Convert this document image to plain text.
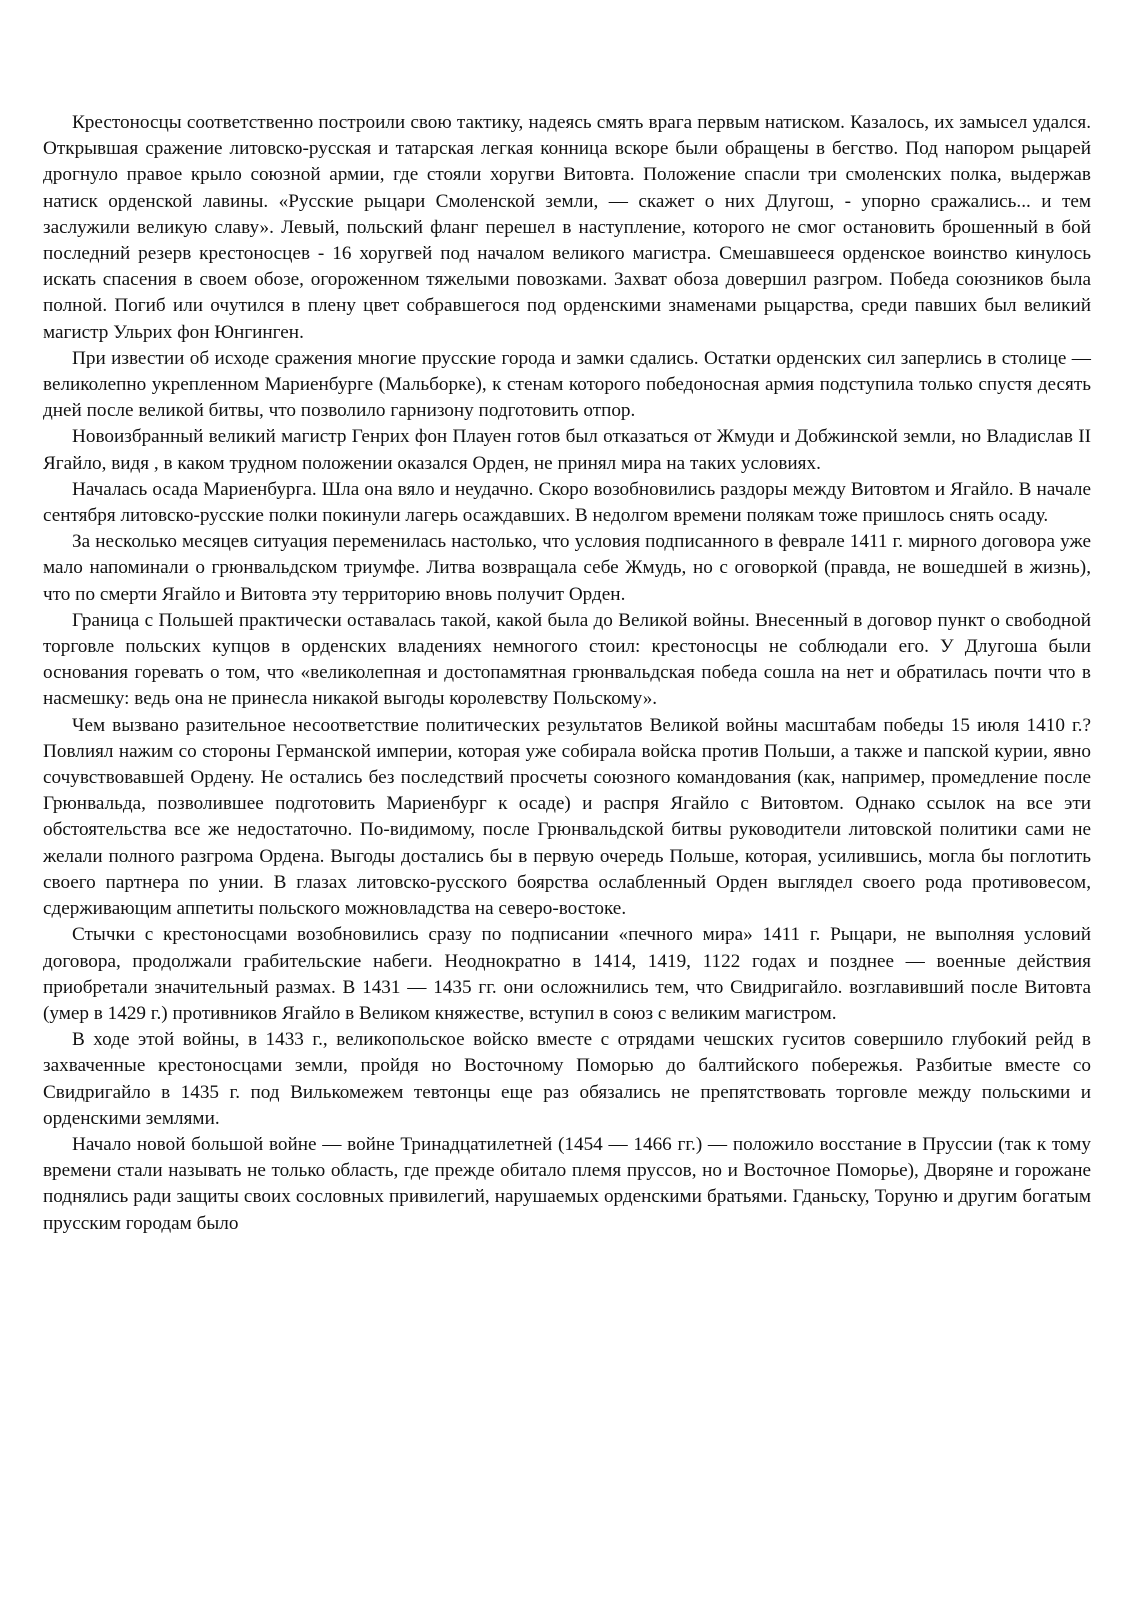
Крестоносцы соответственно построили свою тактику, надеясь смять врага первым натиском. Казалось, их замысел удался. Открывшая сражение литовско-русская и татарская легкая конница вскоре были обращены в бегство. Под напором рыцарей дрогнуло правое крыло союзной армии, где стояли хоругви Витовта. Положение спасли три смоленских полка, выдержав натиск орденской лавины. «Русские рыцари Смоленской земли, — скажет о них Длугош, - упорно сражались... и тем заслужили великую славу». Левый, польский фланг перешел в наступление, которого не смог остановить брошенный в бой последний резерв крестоносцев - 16 хоругвей под началом великого магистра. Смешавшееся орденское воинство кинулось искать спасения в своем обозе, огороженном тяжелыми повозками. Захват обоза довершил разгром. Победа союзников была полной. Погиб или очутился в плену цвет собравшегося под орденскими знаменами рыцарства, среди павших был великий магистр Ульрих фон Юнгинген.

При известии об исходе сражения многие прусские города и замки сдались. Остатки орденских сил заперлись в столице — великолепно укрепленном Мариенбурге (Мальборке), к стенам которого победоносная армия подступила только спустя десять дней после великой битвы, что позволило гарнизону подготовить отпор.

Новоизбранный великий магистр Генрих фон Плауен готов был отказаться от Жмуди и Добжинской земли, но Владислав II Ягайло, видя , в каком трудном положении оказался Орден, не принял мира на таких условиях.

Началась осада Мариенбурга. Шла она вяло и неудачно. Скоро возобновились раздоры между Витовтом и Ягайло. В начале сентября литовско-русские полки покинули лагерь осаждавших. В недолгом времени полякам тоже пришлось снять осаду.

За несколько месяцев ситуация переменилась настолько, что условия подписанного в феврале 1411 г. мирного договора уже мало напоминали о грюнвальдском триумфе. Литва возвращала себе Жмудь, но с оговоркой (правда, не вошедшей в жизнь), что по смерти Ягайло и Витовта эту территорию вновь получит Орден.

Граница с Польшей практически оставалась такой, какой была до Великой войны. Внесенный в договор пункт о свободной торговле польских купцов в орденских владениях немногого стоил: крестоносцы не соблюдали его. У Длугоша были основания горевать о том, что «великолепная и достопамятная грюнвальдская победа сошла на нет и обратилась почти что в насмешку: ведь она не принесла никакой выгоды королевству Польскому».

Чем вызвано разительное несоответствие политических результатов Великой войны масштабам победы 15 июля 1410 г.? Повлиял нажим со стороны Германской империи, которая уже собирала войска против Польши, а также и папской курии, явно сочувствовавшей Ордену. Не остались без последствий просчеты союзного командования (как, например, промедление после Грюнвальда, позволившее подготовить Мариенбург к осаде) и распря Ягайло с Витовтом. Однако ссылок на все эти обстоятельства все же недостаточно. По-видимому, после Грюнвальдской битвы руководители литовской политики сами не желали полного разгрома Ордена. Выгоды достались бы в первую очередь Польше, которая, усилившись, могла бы поглотить своего партнера по унии. В глазах литовско-русского боярства ослабленный Орден выглядел своего рода противовесом, сдерживающим аппетиты польского можновладства на северо-востоке.

Стычки с крестоносцами возобновились сразу по подписании «печного мира» 1411 г. Рыцари, не выполняя условий договора, продолжали грабительские набеги. Неоднократно в 1414, 1419, 1122 годах и позднее — военные действия приобретали значительный размах. В 1431 — 1435 гг. они осложнились тем, что Свидригайло. возглавивший после Витовта (умер в 1429 г.) противников Ягайло в Великом княжестве, вступил в союз с великим магистром.

В ходе этой войны, в 1433 г., великопольское войско вместе с отрядами чешских гуситов совершило глубокий рейд в захваченные крестоносцами земли, пройдя но Восточному Поморью до балтийского побережья. Разбитые вместе со Свидригайло в 1435 г. под Вилькомежем тевтонцы еще раз обязались не препятствовать торговле между польскими и орденскими землями.

Начало новой большой войне — войне Тринадцатилетней (1454 — 1466 гг.) — положило восстание в Пруссии (так к тому времени стали называть не только область, где прежде обитало племя пруссов, но и Восточное Поморье), Дворяне и горожане поднялись ради защиты своих сословных привилегий, нарушаемых орденскими братьями. Гданьску, Торуню и другим богатым прусским городам было
